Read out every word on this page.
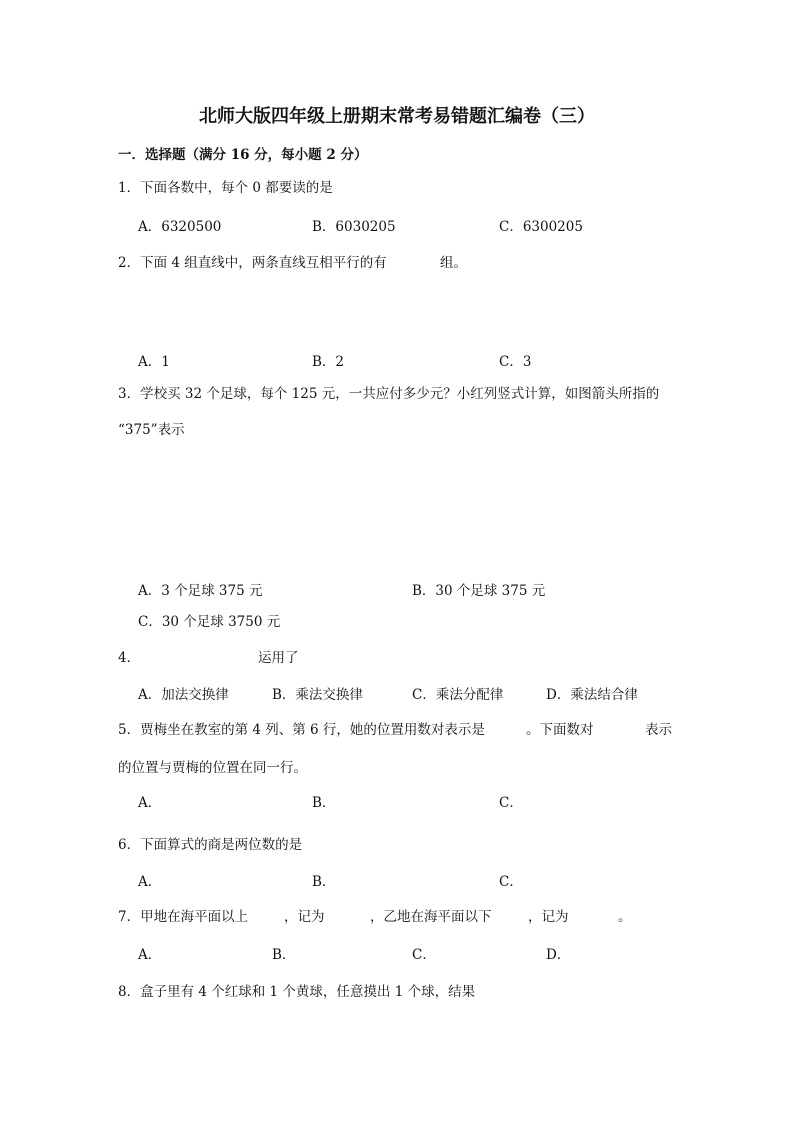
北师大版四年级上册期末常考易错题汇编卷（三）
一．选择题（满分 16 分，每小题 2 分）
1．下面各数中，每个 0 都要读的是
A．6320500	B．6030205	C．6300205
2．下面 4 组直线中，两条直线互相平行的有	组。
A．1	B．2	C．3
3．学校买 32 个足球，每个 125 元，一共应付多少元？小红列竖式计算，如图箭头所指的
“375”表示
A．3 个足球 375 元	B．30 个足球 375 元
C．30 个足球 3750 元
4．	运用了
A．加法交换律	B．乘法交换律	C．乘法分配律	D．乘法结合律
5．贾梅坐在教室的第 4 列、第 6 行，她的位置用数对表示是	。下面数对	表示
的位置与贾梅的位置在同一行。
A．	B．	C．
6．下面算式的商是两位数的是
A．	B．	C．
7．甲地在海平面以上	，记为	，乙地在海平面以下	，记为	。
A．	B．	C．	D．
8．盒子里有 4 个红球和 1 个黄球，任意摸出 1 个球，结果
